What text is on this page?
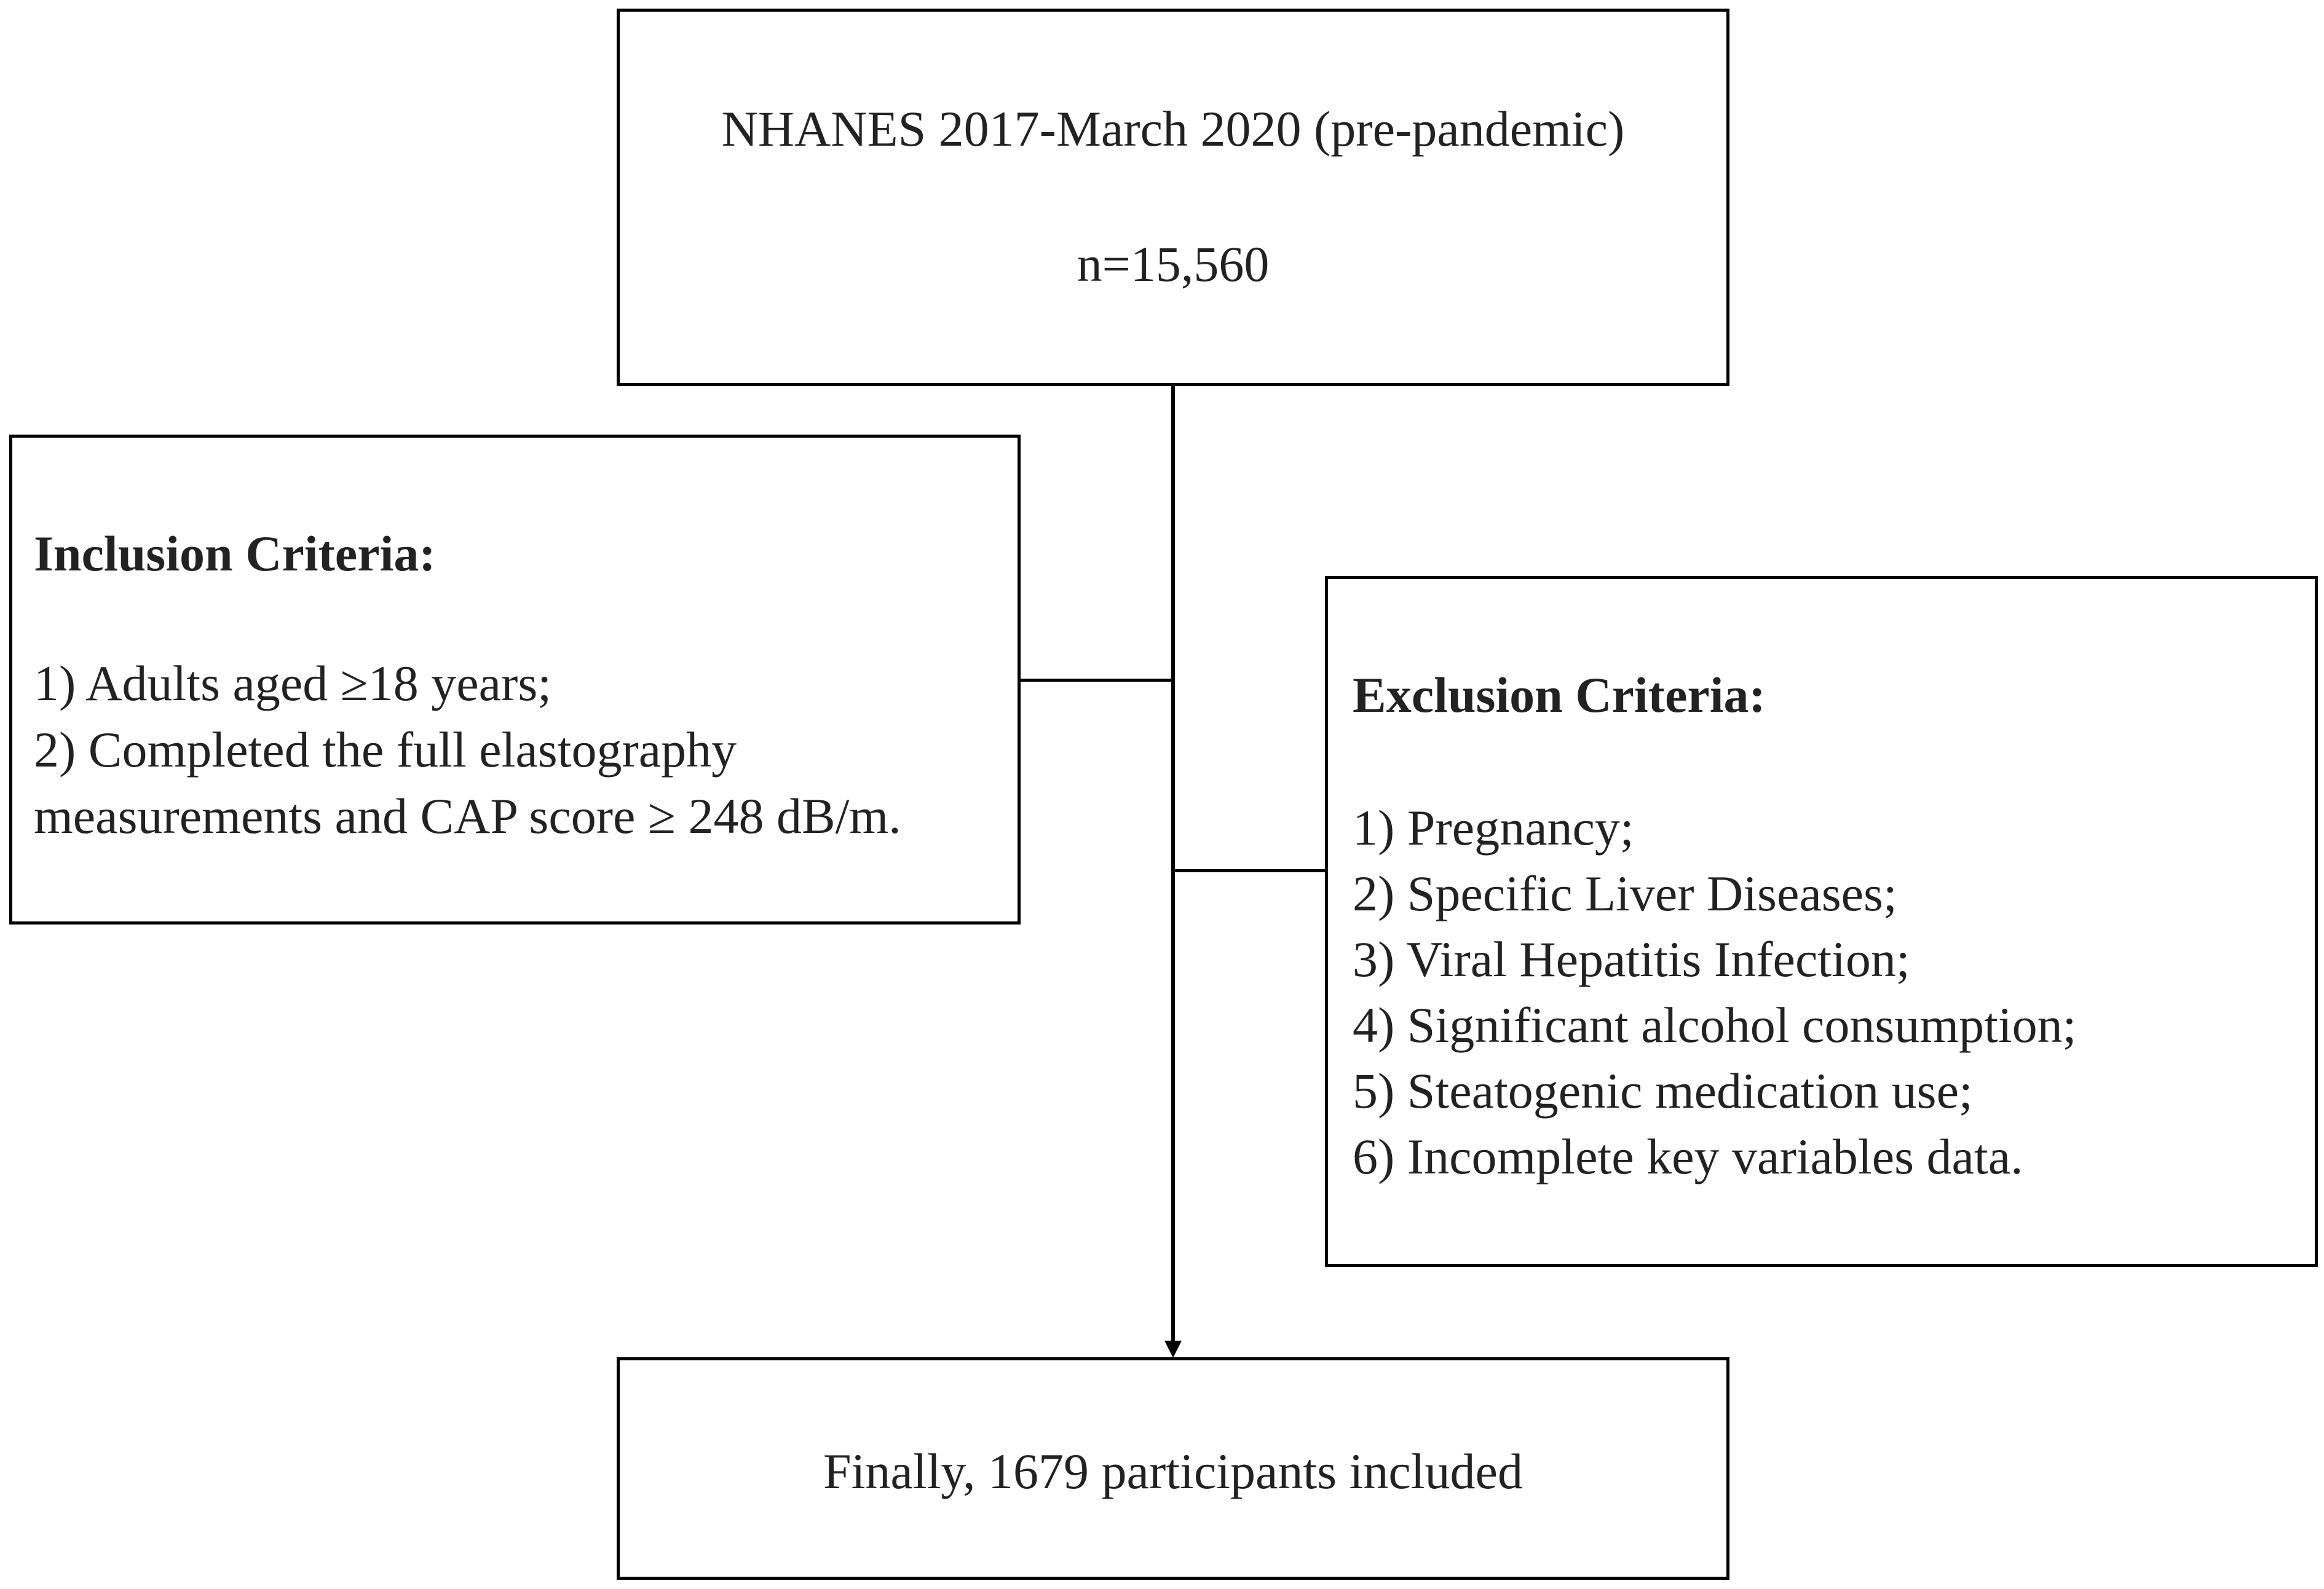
NHANES 2017-March 2020 (pre-pandemic)
n=15,560
Inclusion Criteria:
1) Adults aged ≥18 years;
2) Completed the full elastography
measurements and CAP score ≥ 248 dB/m.
Exclusion Criteria:
1) Pregnancy;
2) Specific Liver Diseases;
3) Viral Hepatitis Infection;
4) Significant alcohol consumption;
5) Steatogenic medication use;
6) Incomplete key variables data.
Finally, 1679 participants included
